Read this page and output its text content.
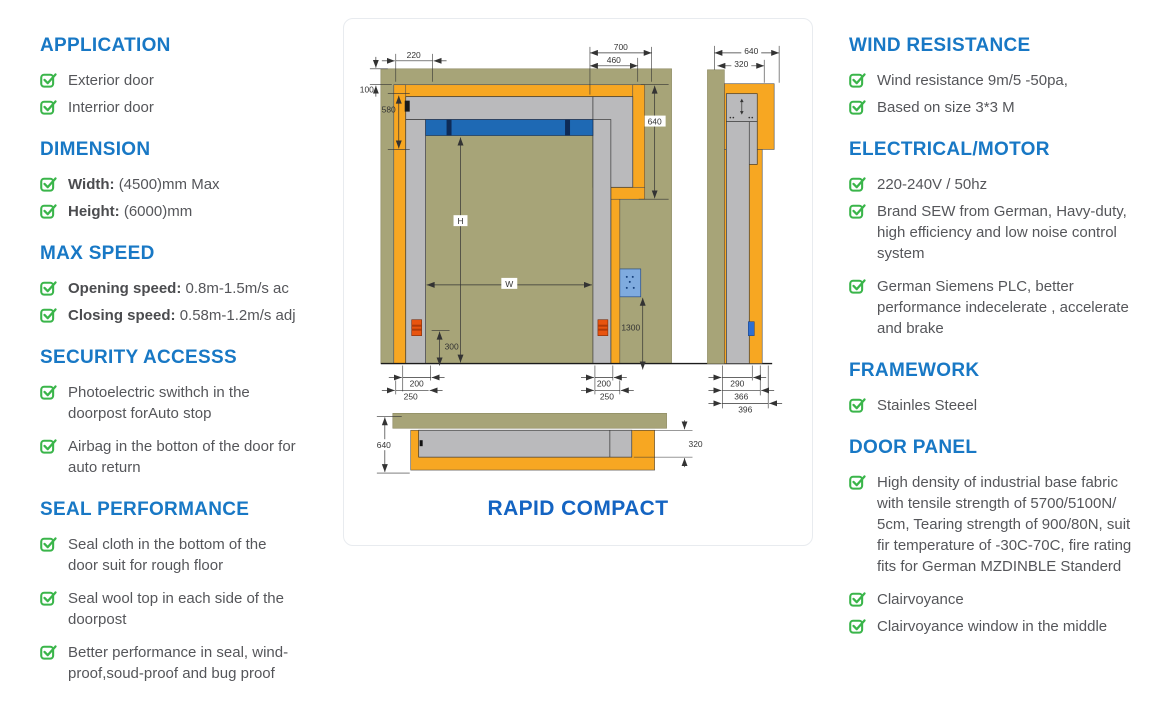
APPLICATION

Exterior door

Interrior door

DIMENSION

Width: (4500)mm Max

Height: (6000)mm

MAX SPEED

Opening speed: 0.8m-1.5m/s ac

Closing speed: 0.58m-1.2m/s adj

SECURITY ACCESSS

Photoelectric swithch in the doorpost forAuto stop

Airbag in the botton of the door for auto return

SEAL PERFORMANCE

Seal cloth in the bottom of the door suit for rough floor

Seal wool top in each side of the doorpost

Better performance in seal, wind-proof,soud-proof and bug proof

220
100
580
700
460
640
H
W
300
200
250
200
250
1300
640
320
290
366
396
640	320
RAPID COMPACT
WIND RESISTANCE

Wind resistance 9m/5 -50pa,

Based on size 3*3 M

ELECTRICAL/MOTOR

220-240V / 50hz

Brand SEW from German, Havy-duty, high efficiency and low noise control system

German Siemens PLC, better performance indecelerate , accelerate and brake

FRAMEWORK

Stainles Steeel

DOOR PANEL

High density of industrial base fabric with tensile strength of 5700/5100N/ 5cm, Tearing strength of 900/80N, suit fir temperature of -30C-70C, fire rating fits for German MZDINBLE Standerd

Clairvoyance

Clairvoyance window in the middle
